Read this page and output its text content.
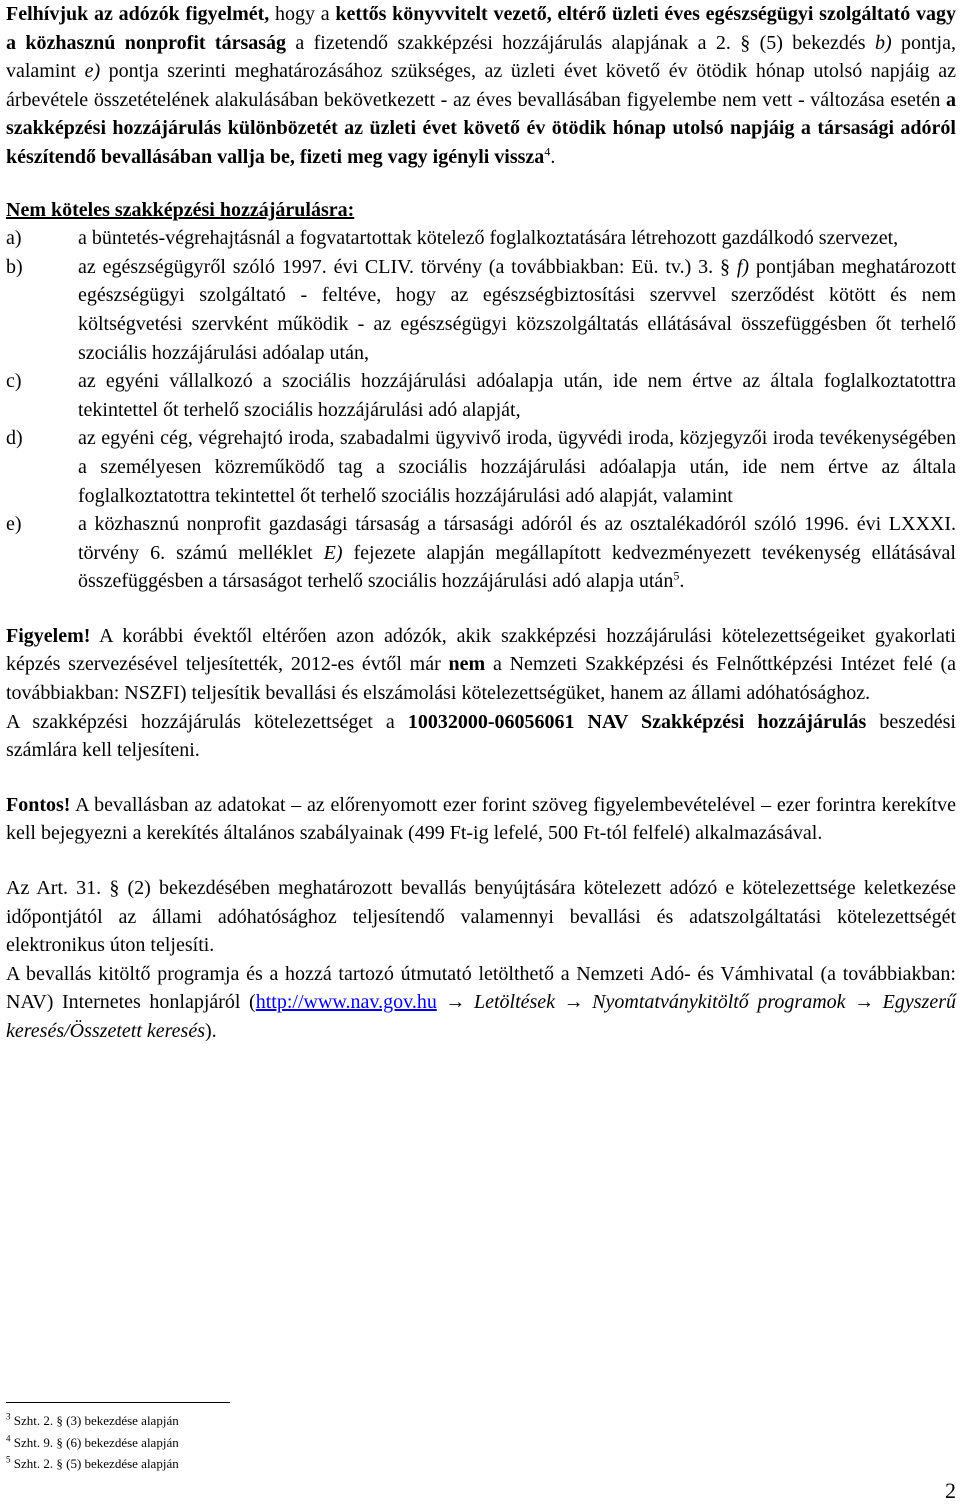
Felhívjuk az adózók figyelmét, hogy a kettős könyvvitelt vezető, eltérő üzleti éves egészségügyi szolgáltató vagy a közhasznú nonprofit társaság a fizetendő szakképzési hozzájárulás alapjának a 2. § (5) bekezdés b) pontja, valamint e) pontja szerinti meghatározásához szükséges, az üzleti évet követő év ötödik hónap utolsó napjáig az árbevétele összetételének alakulásában bekövetkezett - az éves bevallásában figyelembe nem vett - változása esetén a szakképzési hozzájárulás különbözetét az üzleti évet követő év ötödik hónap utolsó napjáig a társasági adóról készítendő bevallásában vallja be, fizeti meg vagy igényli vissza$^4$.

Nem köteles szakképzési hozzájárulásra:

a)	a büntetés-végrehajtásnál a fogvatartottak kötelező foglalkoztatására létrehozott gazdálkodó szervezet,
b)	az egészségügyről szóló 1997. évi CLIV. törvény (a továbbiakban: Eü. tv.) 3. § f) pontjában meghatározott egészségügyi szolgáltató - feltéve, hogy az egészségbiztosítási szervvel szerződést kötött és nem költségvetési szervként működik - az egészségügyi közszolgáltatás ellátásával összefüggésben őt terhelő szociális hozzájárulási adóalap után,
c)	az egyéni vállalkozó a szociális hozzájárulási adóalapja után, ide nem értve az általa foglalkoztatottra tekintettel őt terhelő szociális hozzájárulási adó alapját,
d)	az egyéni cég, végrehajtó iroda, szabadalmi ügyvivő iroda, ügyvédi iroda, közjegyzői iroda tevékenységében a személyesen közreműködő tag a szociális hozzájárulási adóalapja után, ide nem értve az általa foglalkoztatottra tekintettel őt terhelő szociális hozzájárulási adó alapját, valamint
e)	a közhasznú nonprofit gazdasági társaság a társasági adóról és az osztalékadóról szóló 1996. évi LXXXI. törvény 6. számú melléklet E) fejezete alapján megállapított kedvezményezett tevékenység ellátásával összefüggésben a társaságot terhelő szociális hozzájárulási adó alapja után$^5$.

Figyelem! A korábbi évektől eltérően azon adózók, akik szakképzési hozzájárulási kötelezettségeiket gyakorlati képzés szervezésével teljesítették, 2012-es évtől már nem a Nemzeti Szakképzési és Felnőttképzési Intézet felé (a továbbiakban: NSZFI) teljesítik bevallási és elszámolási kötelezettségüket, hanem az állami adóhatósághoz.

A szakképzési hozzájárulás kötelezettséget a 10032000-06056061 NAV Szakképzési hozzájárulás beszedési számlára kell teljesíteni.

Fontos! A bevallásban az adatokat – az előrenyomott ezer forint szöveg figyelembevételével – ezer forintra kerekítve kell bejegyezni a kerekítés általános szabályainak (499 Ft-ig lefelé, 500 Ft-tól felfelé) alkalmazásával.

Az Art. 31. § (2) bekezdésében meghatározott bevallás benyújtására kötelezett adózó e kötelezettsége keletkezése időpontjától az állami adóhatósághoz teljesítendő valamennyi bevallási és adatszolgáltatási kötelezettségét elektronikus úton teljesíti.

A bevallás kitöltő programja és a hozzá tartozó útmutató letölthető a Nemzeti Adó- és Vámhivatal (a továbbiakban: NAV) Internetes honlapjáról (http://www.nav.gov.hu → Letöltések → Nyomtatványkitöltő programok → Egyszerű keresés/Összetett keresés).

$^3$ Szht. 2. § (3) bekezdése alapján
$^4$ Szht. 9. § (6) bekezdése alapján
$^5$ Szht. 2. § (5) bekezdése alapján
2
